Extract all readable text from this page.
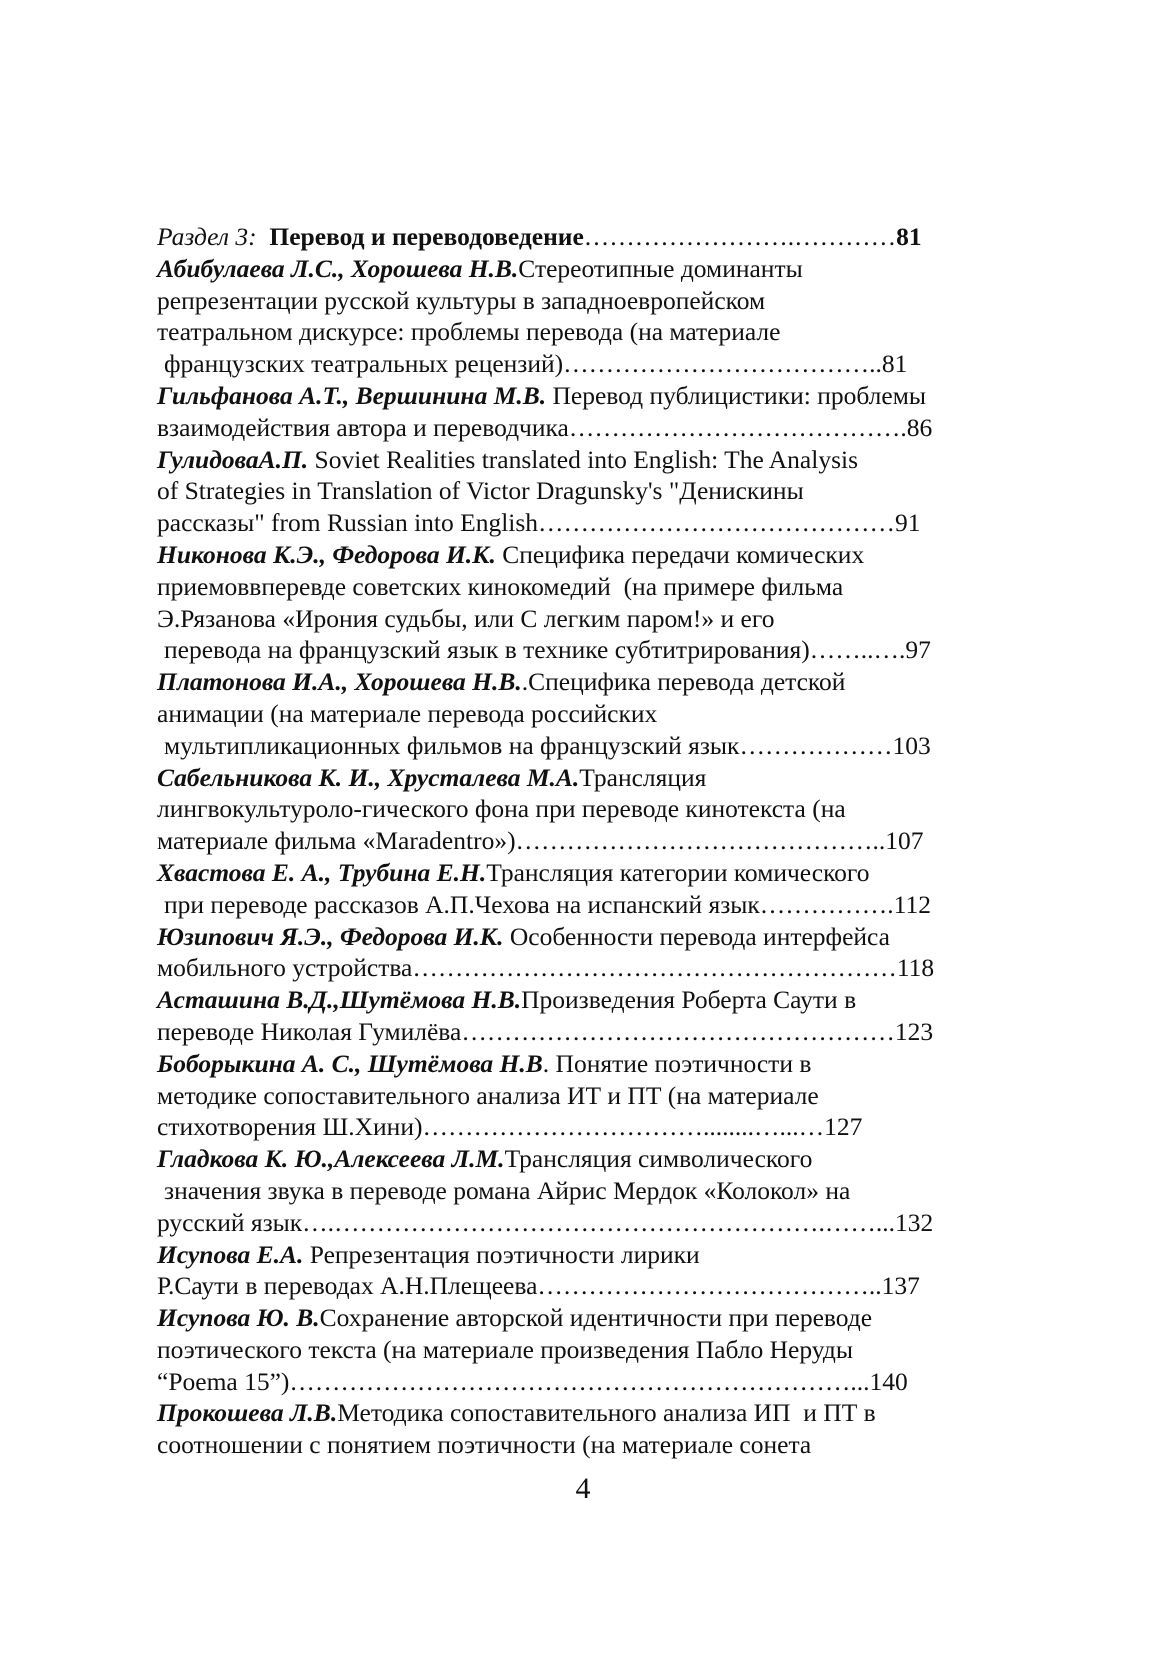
Раздел 3: Перевод и переводоведение…………………….…………81
Абибулаева Л.С., Хорошева Н.В.Стереотипные доминанты
репрезентации русской культуры в западноевропейском
театральном дискурсе: проблемы перевода (на материале
французских театральных рецензий)………………………………..81
Гильфанова А.Т., Вершинина М.В. Перевод публицистики: проблемы
взаимодействия автора и переводчика………………………………….86
ГулидоваА.П. Soviet Realities translated into English: The Analysis
of Strategies in Translation of Victor Dragunsky's "Денискины
рассказы" from Russian into English……………………………………91
Никонова К.Э., Федорова И.К. Специфика передачи комических
приемоввперевде советских кинокомедий  (на примере фильма
Э.Рязанова «Ирония судьбы, или С легким паром!» и его
перевода на французский язык в технике субтитрирования)……..….97
Платонова И.А., Хорошева Н.В..Специфика перевода детской
анимации (на материале перевода российских
мультипликационных фильмов на французский язык………………103
Сабельникова К. И., Хрусталева М.А.Трансляция
лингвокультуроло-гического фона при переводе кинотекста (на
материале фильма «Maradentro»)……………………………………..107
Хвастова Е. А., Трубина Е.Н.Трансляция категории комического
при переводе рассказов А.П.Чехова на испанский язык…………….112
Юзипович Я.Э., Федорова И.К. Особенности перевода интерфейса
мобильного устройства…………………………………………………118
Асташина В.Д.,Шутёмова Н.В.Произведения Роберта Саути в
переводе Николая Гумилёва……………………………………………123
Боборыкина А. С., Шутёмова Н.В. Понятие поэтичности в
методике сопоставительного анализа ИТ и ПТ (на материале
стихотворения Ш.Хини)……………………………........…...…127
Гладкова К. Ю.,Алексеева Л.М.Трансляция символического
значения звука в переводе романа Айрис Мердок «Колокол» на
русский язык….………………………………………………….……...132
Исупова Е.А. Репрезентация поэтичности лирики
Р.Саути в переводах А.Н.Плещеева…………………………………..137
Исупова Ю. В.Сохранение авторской идентичности при переводе
поэтического текста (на материале произведения Пабло Неруды
“Poema 15”)…………………………………………………………...140
Прокошева Л.В.Методика сопоставительного анализа ИП  и ПТ в
соотношении с понятием поэтичности (на материале сонета
4
